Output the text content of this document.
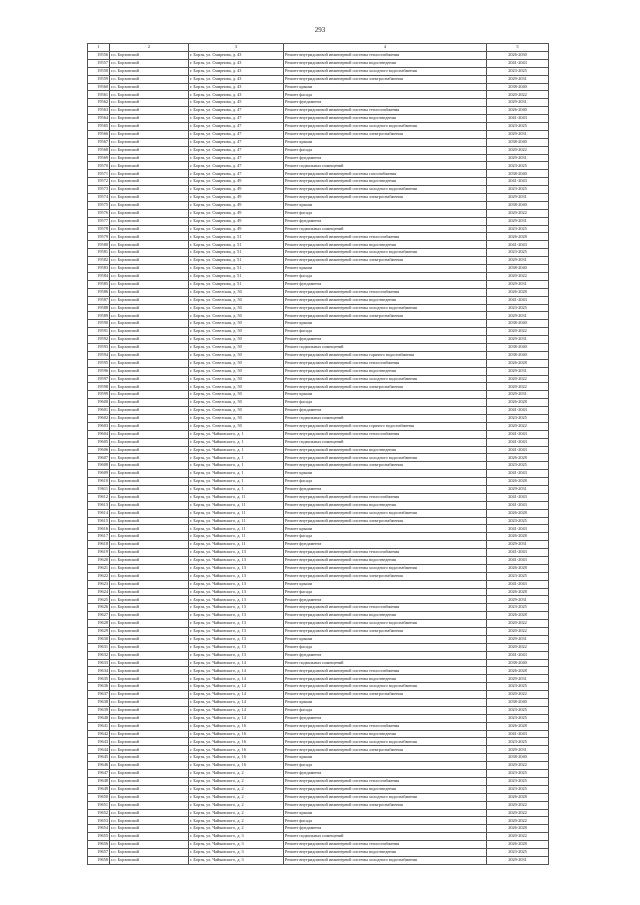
293
1	2	3	4	5
19556	г.о. Борзовский	г. Борзя, ул. Смирнова, д. 43	Ремонт внутридомовой инженерной системы теплоснабжения	2026-2030
19557	г.о. Борзовский	г. Борзя, ул. Смирнова, д. 43	Ремонт внутридомовой инженерной системы водоотведения	2041-2043
19558	г.о. Борзовский	г. Борзя, ул. Смирнова, д. 43	Ремонт внутридомовой инженерной системы холодного водоснабжения	2023-2025
19559	г.о. Борзовский	г. Борзя, ул. Смирнова, д. 43	Ремонт внутридомовой инженерной системы электроснабжения	2029-2031
19560	г.о. Борзовский	г. Борзя, ул. Смирнова, д. 43	Ремонт крыши	2038-2040
19561	г.о. Борзовский	г. Борзя, ул. Смирнова, д. 43	Ремонт фасада	2020-2022
19562	г.о. Борзовский	г. Борзя, ул. Смирнова, д. 45	Ремонт фундамента	2029-2031
19563	г.о. Борзовский	г. Борзя, ул. Смирнова, д. 47	Ремонт внутридомовой инженерной системы теплоснабжения	2026-2040
19564	г.о. Борзовский	г. Борзя, ул. Смирнова, д. 47	Ремонт внутридомовой инженерной системы водоотведения	2041-2043
19565	г.о. Борзовский	г. Борзя, ул. Смирнова, д. 47	Ремонт внутридомовой инженерной системы холодного водоснабжения	2023-2025
19566	г.о. Борзовский	г. Борзя, ул. Смирнова, д. 47	Ремонт внутридомовой инженерной системы электроснабжения	2029-2031
19567	г.о. Борзовский	г. Борзя, ул. Смирнова, д. 47	Ремонт крыши	2038-2040
19568	г.о. Борзовский	г. Борзя, ул. Смирнова, д. 47	Ремонт фасада	2020-2022
19569	г.о. Борзовский	г. Борзя, ул. Смирнова, д. 47	Ремонт фундамента	2029-2031
19570	г.о. Борзовский	г. Борзя, ул. Смирнова, д. 47	Ремонт подвальных помещений	2023-2025
19571	г.о. Борзовский	г. Борзя, ул. Смирнова, д. 47	Ремонт внутридомовой инженерной системы газоснабжения	2038-2040
19572	г.о. Борзовский	г. Борзя, ул. Смирнова, д. 49	Ремонт внутридомовой инженерной системы водоотведения	2041-2043
19573	г.о. Борзовский	г. Борзя, ул. Смирнова, д. 49	Ремонт внутридомовой инженерной системы холодного водоснабжения	2023-2025
19574	г.о. Борзовский	г. Борзя, ул. Смирнова, д. 49	Ремонт внутридомовой инженерной системы электроснабжения	2029-2031
19575	г.о. Борзовский	г. Борзя, ул. Смирнова, д. 49	Ремонт крыши	2038-2040
19576	г.о. Борзовский	г. Борзя, ул. Смирнова, д. 49	Ремонт фасада	2020-2022
19577	г.о. Борзовский	г. Борзя, ул. Смирнова, д. 49	Ремонт фундамента	2029-2031
19578	г.о. Борзовский	г. Борзя, ул. Смирнова, д. 49	Ремонт подвальных помещений	2023-2025
19579	г.о. Борзовский	г. Борзя, ул. Смирнова, д. 51	Ремонт внутридомовой инженерной системы теплоснабжения	2026-2028
19580	г.о. Борзовский	г. Борзя, ул. Смирнова, д. 51	Ремонт внутридомовой инженерной системы водоотведения	2041-2043
19581	г.о. Борзовский	г. Борзя, ул. Смирнова, д. 51	Ремонт внутридомовой инженерной системы холодного водоснабжения	2023-2025
19582	г.о. Борзовский	г. Борзя, ул. Смирнова, д. 51	Ремонт внутридомовой инженерной системы электроснабжения	2029-2031
19583	г.о. Борзовский	г. Борзя, ул. Смирнова, д. 51	Ремонт крыши	2038-2040
19584	г.о. Борзовский	г. Борзя, ул. Смирнова, д. 51	Ремонт фасада	2020-2022
19585	г.о. Борзовский	г. Борзя, ул. Смирнова, д. 51	Ремонт фундамента	2029-2031
19586	г.о. Борзовский	г. Борзя, ул. Советская, д. 50	Ремонт внутридомовой инженерной системы теплоснабжения	2026-2028
19587	г.о. Борзовский	г. Борзя, ул. Советская, д. 50	Ремонт внутридомовой инженерной системы водоотведения	2041-2043
19588	г.о. Борзовский	г. Борзя, ул. Советская, д. 50	Ремонт внутридомовой инженерной системы холодного водоснабжения	2023-2025
19589	г.о. Борзовский	г. Борзя, ул. Советская, д. 50	Ремонт внутридомовой инженерной системы электроснабжения	2029-2031
19590	г.о. Борзовский	г. Борзя, ул. Советская, д. 50	Ремонт крыши	2038-2040
19591	г.о. Борзовский	г. Борзя, ул. Советская, д. 50	Ремонт фасада	2020-2022
19592	г.о. Борзовский	г. Борзя, ул. Советская, д. 50	Ремонт фундамента	2029-2031
19593	г.о. Борзовский	г. Борзя, ул. Советская, д. 50	Ремонт подвальных помещений	2038-2040
19594	г.о. Борзовский	г. Борзя, ул. Советская, д. 50	Ремонт внутридомовой инженерной системы горячего водоснабжения	2038-2040
19595	г.о. Борзовский	г. Борзя, ул. Советская, д. 50	Ремонт внутридомовой инженерной системы теплоснабжения	2026-2028
19596	г.о. Борзовский	г. Борзя, ул. Советская, д. 50	Ремонт внутридомовой инженерной системы водоотведения	2029-2031
19597	г.о. Борзовский	г. Борзя, ул. Советская, д. 50	Ремонт внутридомовой инженерной системы холодного водоснабжения	2020-2022
19598	г.о. Борзовский	г. Борзя, ул. Советская, д. 50	Ремонт внутридомовой инженерной системы электроснабжения	2020-2022
19599	г.о. Борзовский	г. Борзя, ул. Советская, д. 50	Ремонт крыши	2029-2031
19600	г.о. Борзовский	г. Борзя, ул. Советская, д. 50	Ремонт фасада	2026-2028
19601	г.о. Борзовский	г. Борзя, ул. Советская, д. 50	Ремонт фундамента	2041-2043
19602	г.о. Борзовский	г. Борзя, ул. Советская, д. 50	Ремонт подвальных помещений	2023-2025
19603	г.о. Борзовский	г. Борзя, ул. Советская, д. 50	Ремонт внутридомовой инженерной системы горячего водоснабжения	2020-2022
19604	г.о. Борзовский	г. Борзя, ул. Чайковского, д. 1	Ремонт внутридомовой инженерной системы теплоснабжения	2041-2043
19605	г.о. Борзовский	г. Борзя, ул. Чайковского, д. 1	Ремонт подвальных помещений	2041-2043
19606	г.о. Борзовский	г. Борзя, ул. Чайковского, д. 1	Ремонт внутридомовой инженерной системы водоотведения	2041-2043
19607	г.о. Борзовский	г. Борзя, ул. Чайковского, д. 1	Ремонт внутридомовой инженерной системы холодного водоснабжения	2026-2028
19608	г.о. Борзовский	г. Борзя, ул. Чайковского, д. 1	Ремонт внутридомовой инженерной системы электроснабжения	2023-2025
19609	г.о. Борзовский	г. Борзя, ул. Чайковского, д. 1	Ремонт крыши	2041-2043
19610	г.о. Борзовский	г. Борзя, ул. Чайковского, д. 1	Ремонт фасада	2026-2028
19611	г.о. Борзовский	г. Борзя, ул. Чайковского, д. 1	Ремонт фундамента	2029-2031
19612	г.о. Борзовский	г. Борзя, ул. Чайковского, д. 11	Ремонт внутридомовой инженерной системы теплоснабжения	2041-2043
19613	г.о. Борзовский	г. Борзя, ул. Чайковского, д. 11	Ремонт внутридомовой инженерной системы водоотведения	2041-2043
19614	г.о. Борзовский	г. Борзя, ул. Чайковского, д. 11	Ремонт внутридомовой инженерной системы холодного водоснабжения	2026-2028
19615	г.о. Борзовский	г. Борзя, ул. Чайковского, д. 11	Ремонт внутридомовой инженерной системы электроснабжения	2023-2025
19616	г.о. Борзовский	г. Борзя, ул. Чайковского, д. 11	Ремонт крыши	2041-2043
19617	г.о. Борзовский	г. Борзя, ул. Чайковского, д. 11	Ремонт фасада	2026-2028
19618	г.о. Борзовский	г. Борзя, ул. Чайковского, д. 11	Ремонт фундамента	2029-2031
19619	г.о. Борзовский	г. Борзя, ул. Чайковского, д. 13	Ремонт внутридомовой инженерной системы теплоснабжения	2041-2043
19620	г.о. Борзовский	г. Борзя, ул. Чайковского, д. 13	Ремонт внутридомовой инженерной системы водоотведения	2041-2043
19621	г.о. Борзовский	г. Борзя, ул. Чайковского, д. 13	Ремонт внутридомовой инженерной системы холодного водоснабжения	2026-2028
19622	г.о. Борзовский	г. Борзя, ул. Чайковского, д. 13	Ремонт внутридомовой инженерной системы электроснабжения	2023-2025
19623	г.о. Борзовский	г. Борзя, ул. Чайковского, д. 13	Ремонт крыши	2041-2043
19624	г.о. Борзовский	г. Борзя, ул. Чайковского, д. 13	Ремонт фасада	2026-2028
19625	г.о. Борзовский	г. Борзя, ул. Чайковского, д. 13	Ремонт фундамента	2029-2031
19626	г.о. Борзовский	г. Борзя, ул. Чайковского, д. 13	Ремонт внутридомовой инженерной системы теплоснабжения	2023-2025
19627	г.о. Борзовский	г. Борзя, ул. Чайковского, д. 13	Ремонт внутридомовой инженерной системы водоотведения	2026-2028
19628	г.о. Борзовский	г. Борзя, ул. Чайковского, д. 13	Ремонт внутридомовой инженерной системы холодного водоснабжения	2020-2022
19629	г.о. Борзовский	г. Борзя, ул. Чайковского, д. 13	Ремонт внутридомовой инженерной системы электроснабжения	2020-2022
19630	г.о. Борзовский	г. Борзя, ул. Чайковского, д. 13	Ремонт крыши	2029-2031
19631	г.о. Борзовский	г. Борзя, ул. Чайковского, д. 13	Ремонт фасада	2020-2022
19632	г.о. Борзовский	г. Борзя, ул. Чайковского, д. 13	Ремонт фундамента	2041-2043
19633	г.о. Борзовский	г. Борзя, ул. Чайковского, д. 14	Ремонт подвальных помещений	2038-2040
19634	г.о. Борзовский	г. Борзя, ул. Чайковского, д. 14	Ремонт внутридомовой инженерной системы теплоснабжения	2026-2028
19635	г.о. Борзовский	г. Борзя, ул. Чайковского, д. 14	Ремонт внутридомовой инженерной системы водоотведения	2029-2031
19636	г.о. Борзовский	г. Борзя, ул. Чайковского, д. 14	Ремонт внутридомовой инженерной системы холодного водоснабжения	2023-2025
19637	г.о. Борзовский	г. Борзя, ул. Чайковского, д. 14	Ремонт внутридомовой инженерной системы электроснабжения	2020-2022
19638	г.о. Борзовский	г. Борзя, ул. Чайковского, д. 14	Ремонт крыши	2038-2040
19639	г.о. Борзовский	г. Борзя, ул. Чайковского, д. 14	Ремонт фасада	2023-2025
19640	г.о. Борзовский	г. Борзя, ул. Чайковского, д. 14	Ремонт фундамента	2023-2025
19641	г.о. Борзовский	г. Борзя, ул. Чайковского, д. 16	Ремонт внутридомовой инженерной системы теплоснабжения	2026-2028
19642	г.о. Борзовский	г. Борзя, ул. Чайковского, д. 16	Ремонт внутридомовой инженерной системы водоотведения	2041-2043
19643	г.о. Борзовский	г. Борзя, ул. Чайковского, д. 16	Ремонт внутридомовой инженерной системы холодного водоснабжения	2023-2025
19644	г.о. Борзовский	г. Борзя, ул. Чайковского, д. 16	Ремонт внутридомовой инженерной системы электроснабжения	2029-2031
19645	г.о. Борзовский	г. Борзя, ул. Чайковского, д. 16	Ремонт крыши	2038-2040
19646	г.о. Борзовский	г. Борзя, ул. Чайковского, д. 16	Ремонт фасада	2020-2022
19647	г.о. Борзовский	г. Борзя, ул. Чайковского, д. 2	Ремонт фундамента	2023-2025
19648	г.о. Борзовский	г. Борзя, ул. Чайковского, д. 2	Ремонт внутридомовой инженерной системы теплоснабжения	2023-2025
19649	г.о. Борзовский	г. Борзя, ул. Чайковского, д. 2	Ремонт внутридомовой инженерной системы водоотведения	2023-2025
19650	г.о. Борзовский	г. Борзя, ул. Чайковского, д. 2	Ремонт внутридомовой инженерной системы холодного водоснабжения	2026-2028
19651	г.о. Борзовский	г. Борзя, ул. Чайковского, д. 2	Ремонт внутридомовой инженерной системы электроснабжения	2020-2022
19652	г.о. Борзовский	г. Борзя, ул. Чайковского, д. 2	Ремонт крыши	2020-2022
19653	г.о. Борзовский	г. Борзя, ул. Чайковского, д. 2	Ремонт фасада	2020-2022
19654	г.о. Борзовский	г. Борзя, ул. Чайковского, д. 2	Ремонт фундамента	2026-2028
19655	г.о. Борзовский	г. Борзя, ул. Чайковского, д. 3	Ремонт подвальных помещений	2020-2022
19656	г.о. Борзовский	г. Борзя, ул. Чайковского, д. 3	Ремонт внутридомовой инженерной системы теплоснабжения	2026-2028
19657	г.о. Борзовский	г. Борзя, ул. Чайковского, д. 3	Ремонт внутридомовой инженерной системы водоотведения	2023-2025
19658	г.о. Борзовский	г. Борзя, ул. Чайковского, д. 3	Ремонт внутридомовой инженерной системы холодного водоснабжения	2029-2031
